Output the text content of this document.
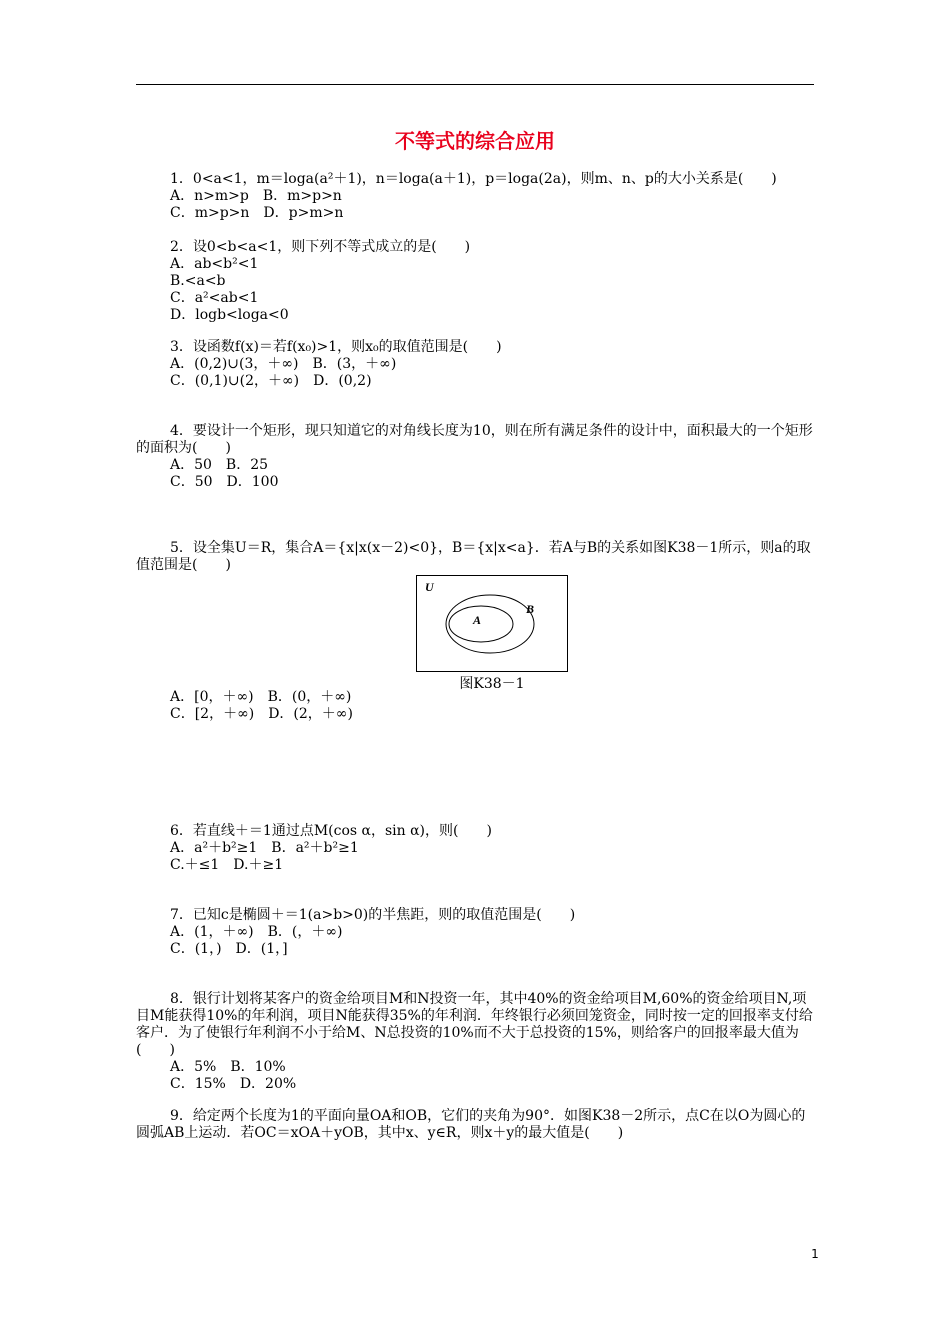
不等式的综合应用

1．0<a<1，m＝loga(a²＋1)，n＝loga(a＋1)，p＝loga(2a)，则m、n、p的大小关系是(　　)

A．n>m>p　B．m>p>n

C．m>p>n　D．p>m>n

2．设0<b<a<1，则下列不等式成立的是(　　)

A．ab<b²<1

B.<a<b

C．a²<ab<1

D．logb<loga<0

3．设函数f(x)＝若f(x₀)>1，则x₀的取值范围是(　　)

A．(0,2)∪(3，＋∞)　B．(3，＋∞)

C．(0,1)∪(2，＋∞)　D．(0,2)

4．要设计一个矩形，现只知道它的对角线长度为10，则在所有满足条件的设计中，面积最大的一个矩形的面积为(　　)

A．50　B．25

C．50　D．100

5．设全集U＝R，集合A＝{x|x(x－2)<0}，B＝{x|x<a}．若A与B的关系如图K38－1所示，则a的取值范围是(　　)

U
A
B
图K38－1

A．[0，＋∞)　B．(0，＋∞)

C．[2，＋∞)　D．(2，＋∞)

6．若直线＋＝1通过点M(cos α，sin α)，则(　　)

A．a²＋b²≥1　B．a²＋b²≥1

C.＋≤1　D.＋≥1

7．已知c是椭圆＋＝1(a>b>0)的半焦距，则的取值范围是(　　)

A．(1，＋∞)　B．(，＋∞)

C．(1，)　D．(1，]

8．银行计划将某客户的资金给项目M和N投资一年，其中40%的资金给项目M,60%的资金给项目N,项目M能获得10%的年利润，项目N能获得35%的年利润．年终银行必须回笼资金，同时按一定的回报率支付给客户．为了使银行年利润不小于给M、N总投资的10%而不大于总投资的15%，则给客户的回报率最大值为(　　)

A．5%　B．10%

C．15%　D．20%

9．给定两个长度为1的平面向量OA和OB，它们的夹角为90°．如图K38－2所示，点C在以O为圆心的圆弧AB上运动．若OC＝xOA＋yOB，其中x、y∈R，则x＋y的最大值是(　　)

1
